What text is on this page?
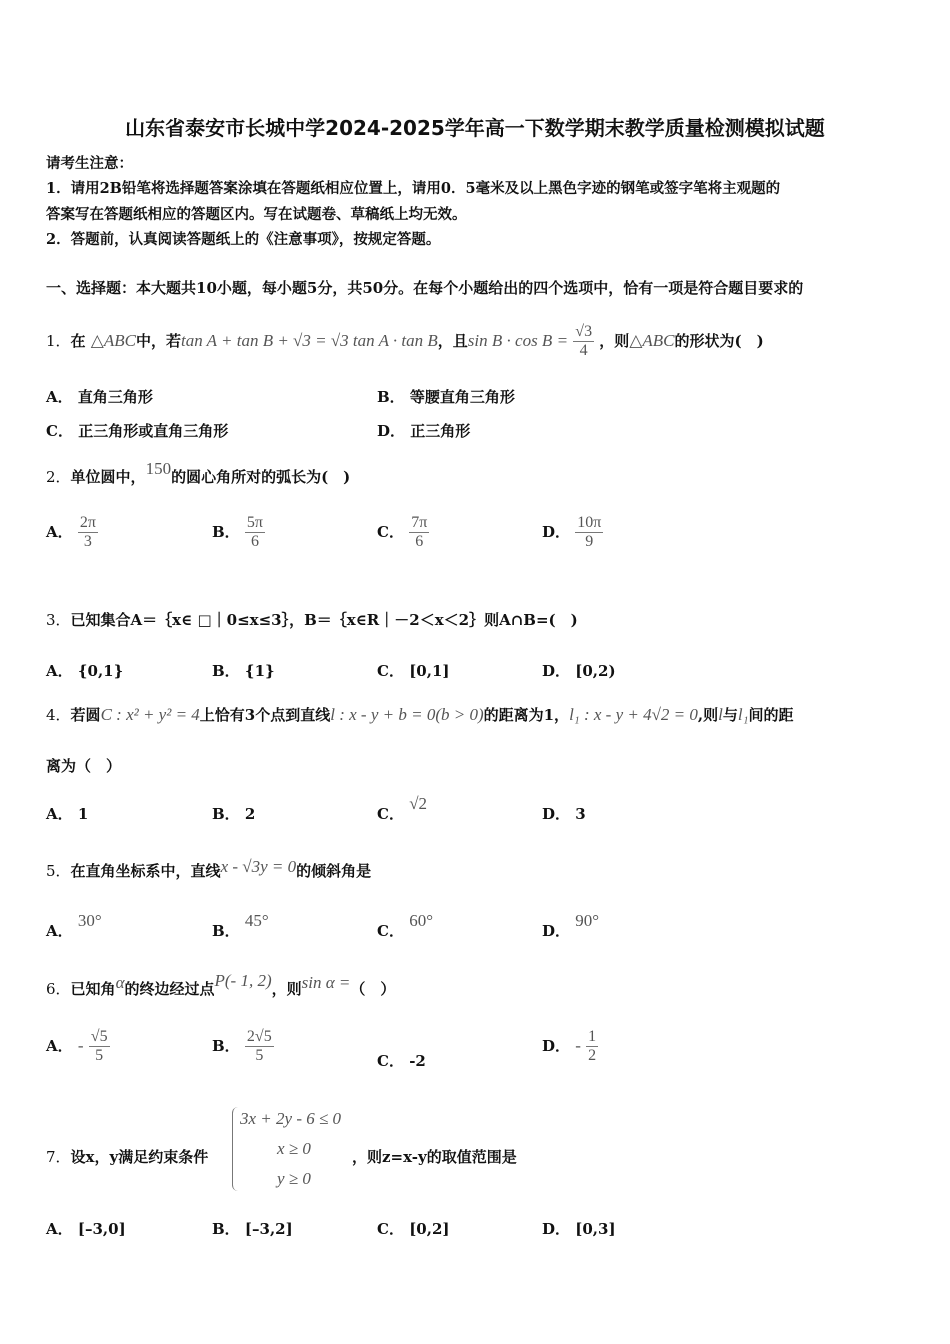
山东省泰安市长城中学2024-2025学年高一下数学期末教学质量检测模拟试题
请考生注意：
1．请用2B铅笔将选择题答案涂填在答题纸相应位置上，请用0．5毫米及以上黑色字迹的钢笔或签字笔将主观题的
答案写在答题纸相应的答题区内。写在试题卷、草稿纸上均无效。
2．答题前，认真阅读答题纸上的《注意事项》，按规定答题。
一、选择题：本大题共10小题，每小题5分，共50分。在每个小题给出的四个选项中，恰有一项是符合题目要求的
1．在 △ABC中，若tan A + tan B + √3 = √3 tan A · tan B，且$\sin B \cdot \cos B = \frac{√3}{4}$ ，则△ABC的形状为(　)
A． 直角三角形	B． 等腰直角三角形
C． 正三角形或直角三角形	D． 正三角形
2．单位圆中，150的圆心角所对的弧长为(　)
A． $\frac{2\pi}{3}$	B． $\frac{5\pi}{6}$	C． $\frac{7\pi}{6}$	D． $\frac{10\pi}{9}$
3．已知集合A＝｛x∈ □｜0≤x≤3｝，B＝｛x∈R｜－2＜x＜2｝则A∩B=(　)
A． {0,1}	B． {1}	C． [0,1]	D． [0,2)
4．若圆C : x² + y² = 4上恰有3个点到直线l : x - y + b = 0(b > 0)的距离为1，l₁ : x - y + 4√2 = 0,则l与l₁间的距
离为（　）
A． 1	B． 2	C． √2
D． 3
5．在直角坐标系中，直线x - √3y = 0的倾斜角是
A． 30°
B． 45°
C． 60°
D． 90°
6．已知角α的终边经过点P(- 1, 2)，则sin α =（　）
A． - $\frac{√5}{5}$	B． $\frac{2√5}{5}$	C． -2
D． - $\frac{1}{2}$
7．设x，y满足约束条件
3x + 2y - 6 ≤ 0
x ≥ 0
y ≥ 0
，则z=x-y的取值范围是
A． [–3,0]	B． [–3,2]	C． [0,2]	D． [0,3]
